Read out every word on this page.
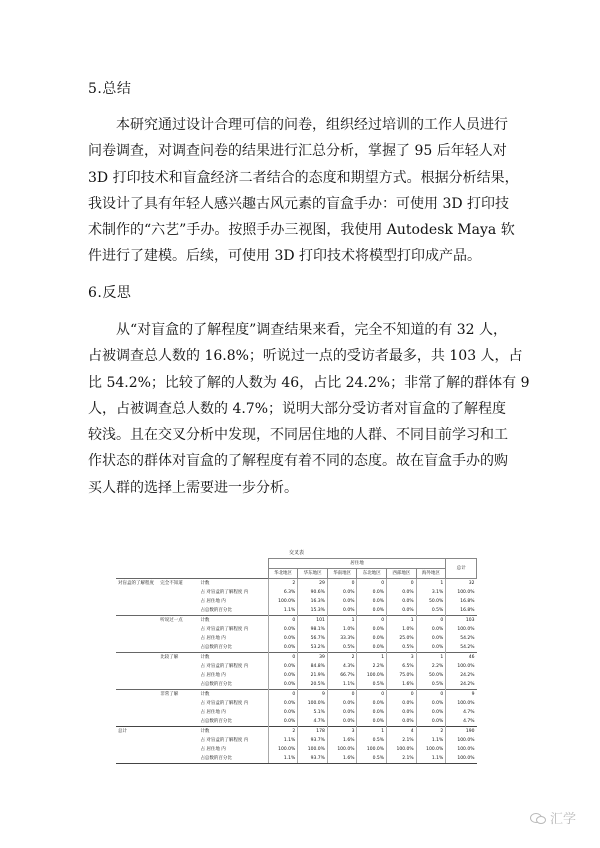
5.总结
本研究通过设计合理可信的问卷，组织经过培训的工作人员进行
问卷调查，对调查问卷的结果进行汇总分析，掌握了 95 后年轻人对
3D 打印技术和盲盒经济二者结合的态度和期望方式。根据分析结果，
我设计了具有年轻人感兴趣古风元素的盲盒手办：可使用 3D 打印技
术制作的“六艺”手办。按照手办三视图，我使用 Autodesk Maya 软
件进行了建模。后续，可使用 3D 打印技术将模型打印成产品。
6.反思
从“对盲盒的了解程度”调查结果来看，完全不知道的有 32 人，
占被调查总人数的 16.8%；听说过一点的受访者最多，共 103 人，占
比 54.2%；比较了解的人数为 46，占比 24.2%；非常了解的群体有 9
人，占被调查总人数的 4.7%；说明大部分受访者对盲盒的了解程度
较浅。且在交叉分析中发现，不同居住地的人群、不同目前学习和工
作状态的群体对盲盒的了解程度有着不同的态度。故在盲盒手办的购
买人群的选择上需要进一步分析。
交叉表
			居住地						总计
			华北地区	华东地区	华南地区	东北地区	西部地区	海外地区	
对盲盒的了解程度	完全不知道	计数	2	29	0	0	0	1	32
		占 对盲盒的了解程度 内	6.3%	90.6%	0.0%	0.0%	0.0%	3.1%	100.0%
		占 居住地 内	100.0%	16.3%	0.0%	0.0%	0.0%	50.0%	16.8%
		占总数的百分比	1.1%	15.3%	0.0%	0.0%	0.0%	0.5%	16.8%
	听说过一点	计数	0	101	1	0	1	0	103
		占 对盲盒的了解程度 内	0.0%	98.1%	1.0%	0.0%	1.0%	0.0%	100.0%
		占 居住地 内	0.0%	56.7%	33.3%	0.0%	25.0%	0.0%	54.2%
		占总数的百分比	0.0%	53.2%	0.5%	0.0%	0.5%	0.0%	54.2%
	比较了解	计数	0	39	2	1	3	1	46
		占 对盲盒的了解程度 内	0.0%	84.8%	4.3%	2.2%	6.5%	2.2%	100.0%
		占 居住地 内	0.0%	21.9%	66.7%	100.0%	75.0%	50.0%	24.2%
		占总数的百分比	0.0%	20.5%	1.1%	0.5%	1.6%	0.5%	24.2%
	非常了解	计数	0	9	0	0	0	0	9
		占 对盲盒的了解程度 内	0.0%	100.0%	0.0%	0.0%	0.0%	0.0%	100.0%
		占 居住地 内	0.0%	5.1%	0.0%	0.0%	0.0%	0.0%	4.7%
		占总数的百分比	0.0%	4.7%	0.0%	0.0%	0.0%	0.0%	4.7%
总计		计数	2	178	3	1	4	2	190
		占 对盲盒的了解程度 内	1.1%	93.7%	1.6%	0.5%	2.1%	1.1%	100.0%
		占 居住地 内	100.0%	100.0%	100.0%	100.0%	100.0%	100.0%	100.0%
		占总数的百分比	1.1%	93.7%	1.6%	0.5%	2.1%	1.1%	100.0%
汇学
